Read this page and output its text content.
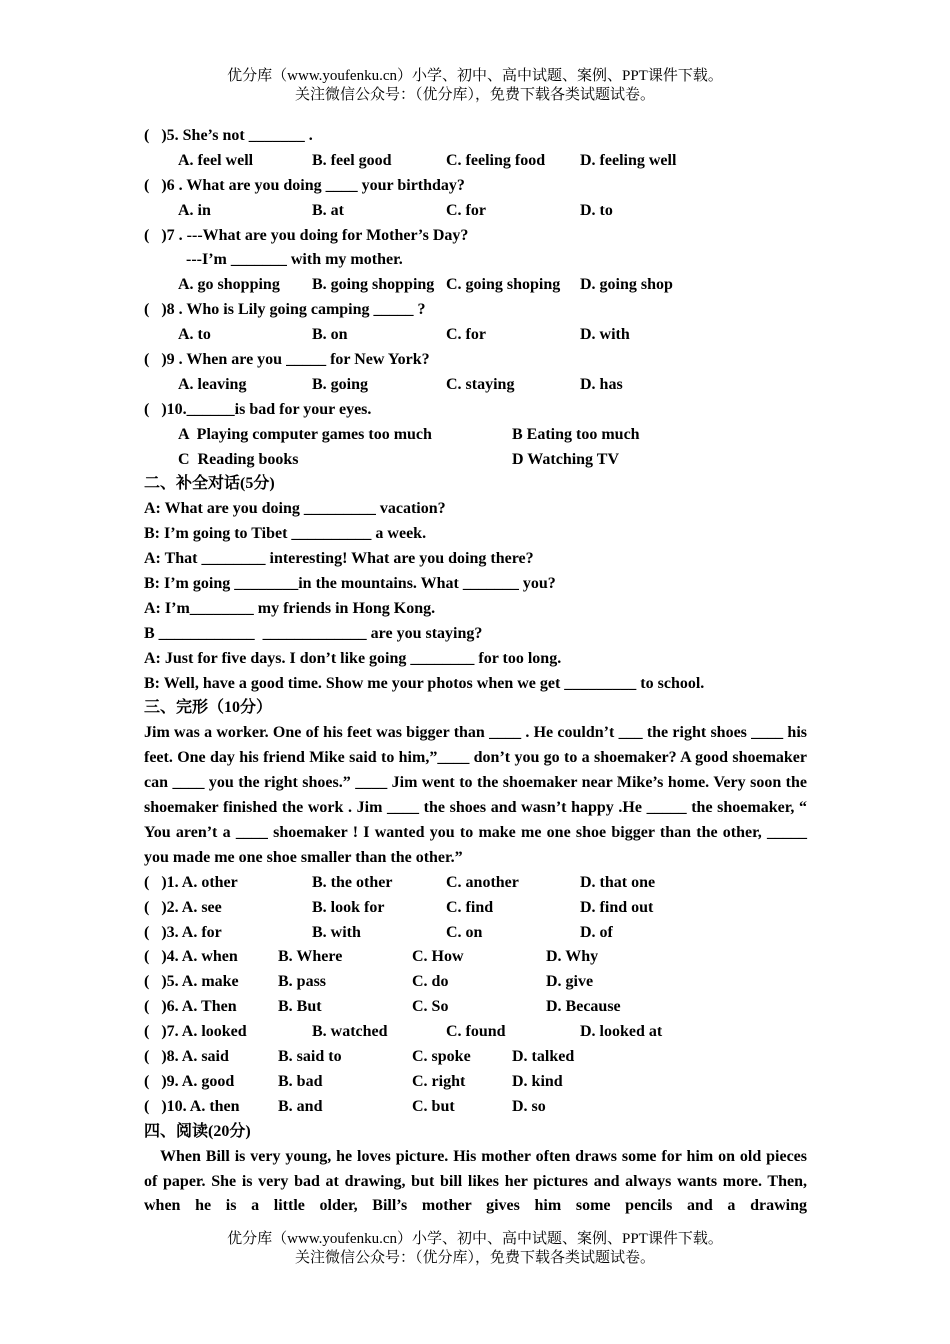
优分库（www.youfenku.cn）小学、初中、高中试题、案例、PPT课件下载。
关注微信公众号：（优分库），免费下载各类试题试卷。
(   )5. She’s not _______ .
A. feel well	B. feel good	C. feeling food D. feeling well
(   )6 . What are you doing ____ your birthday?
A. in	B. at	C. for	D. to
(   )7 . ---What are you doing for Mother’s Day?
---I’m _______ with my mother.
A. go shopping B. going shopping C. going shoping D. going shop
(   )8 . Who is Lily going camping _____ ?
A. to	B. on	C. for	D. with
(   )9 . When are you _____ for New York?
A. leaving	B. going	C. staying	D. has
(   )10.______is bad for your eyes.
A  Playing computer games too much	B Eating too much
C  Reading books	D Watching TV
二、补全对话(5分)
A: What are you doing _________ vacation?
B: I’m going to Tibet __________ a week.
A: That ________ interesting! What are you doing there?
B: I’m going ________in the mountains. What _______ you?
A: I’m________ my friends in Hong Kong.
B ____________  _____________ are you staying?
A: Just for five days. I don’t like going ________ for too long.
B: Well, have a good time. Show me your photos when we get _________ to school.
三、完形（10分）
Jim was a worker. One of his feet was bigger than ____ . He couldn’t ___ the right shoes ____ his feet. One day his friend Mike said to him,”____ don’t you go to a shoemaker? A good shoemaker can ____ you the right shoes.” ____ Jim went to the shoemaker near Mike’s home. Very soon the shoemaker finished the work . Jim ____ the shoes and wasn’t happy .He _____ the shoemaker, “ You aren’t a ____ shoemaker ! I wanted you to make me one shoe bigger than the other, _____ you made me one shoe smaller than the other.”
(   )1. A. other	B. the other	C. another	D. that one
(   )2. A. see	B. look for	C. find	D. find out
(   )3. A. for	B. with	C. on	D. of
(   )4. A. when	B. Where	C. How	D. Why
(   )5. A. make B. pass	C. do	D. give
(   )6. A. Then	B. But	C. So	D. Because
(   )7. A. looked	B. watched	C. found	D. looked at
(   )8. A. said	B. said to	C. spoke	D. talked
(   )9. A. good	B. bad	C. right	D. kind
(   )10. A. then B. and	C. but	D. so
四、阅读(20分)
When Bill is very young, he loves picture. His mother often draws some for him on old pieces of paper. She is very bad at drawing, but bill likes her pictures and always wants more. Then, when he is a little older, Bill’s mother gives him some pencils and a drawing
优分库（www.youfenku.cn）小学、初中、高中试题、案例、PPT课件下载。
关注微信公众号：（优分库），免费下载各类试题试卷。
